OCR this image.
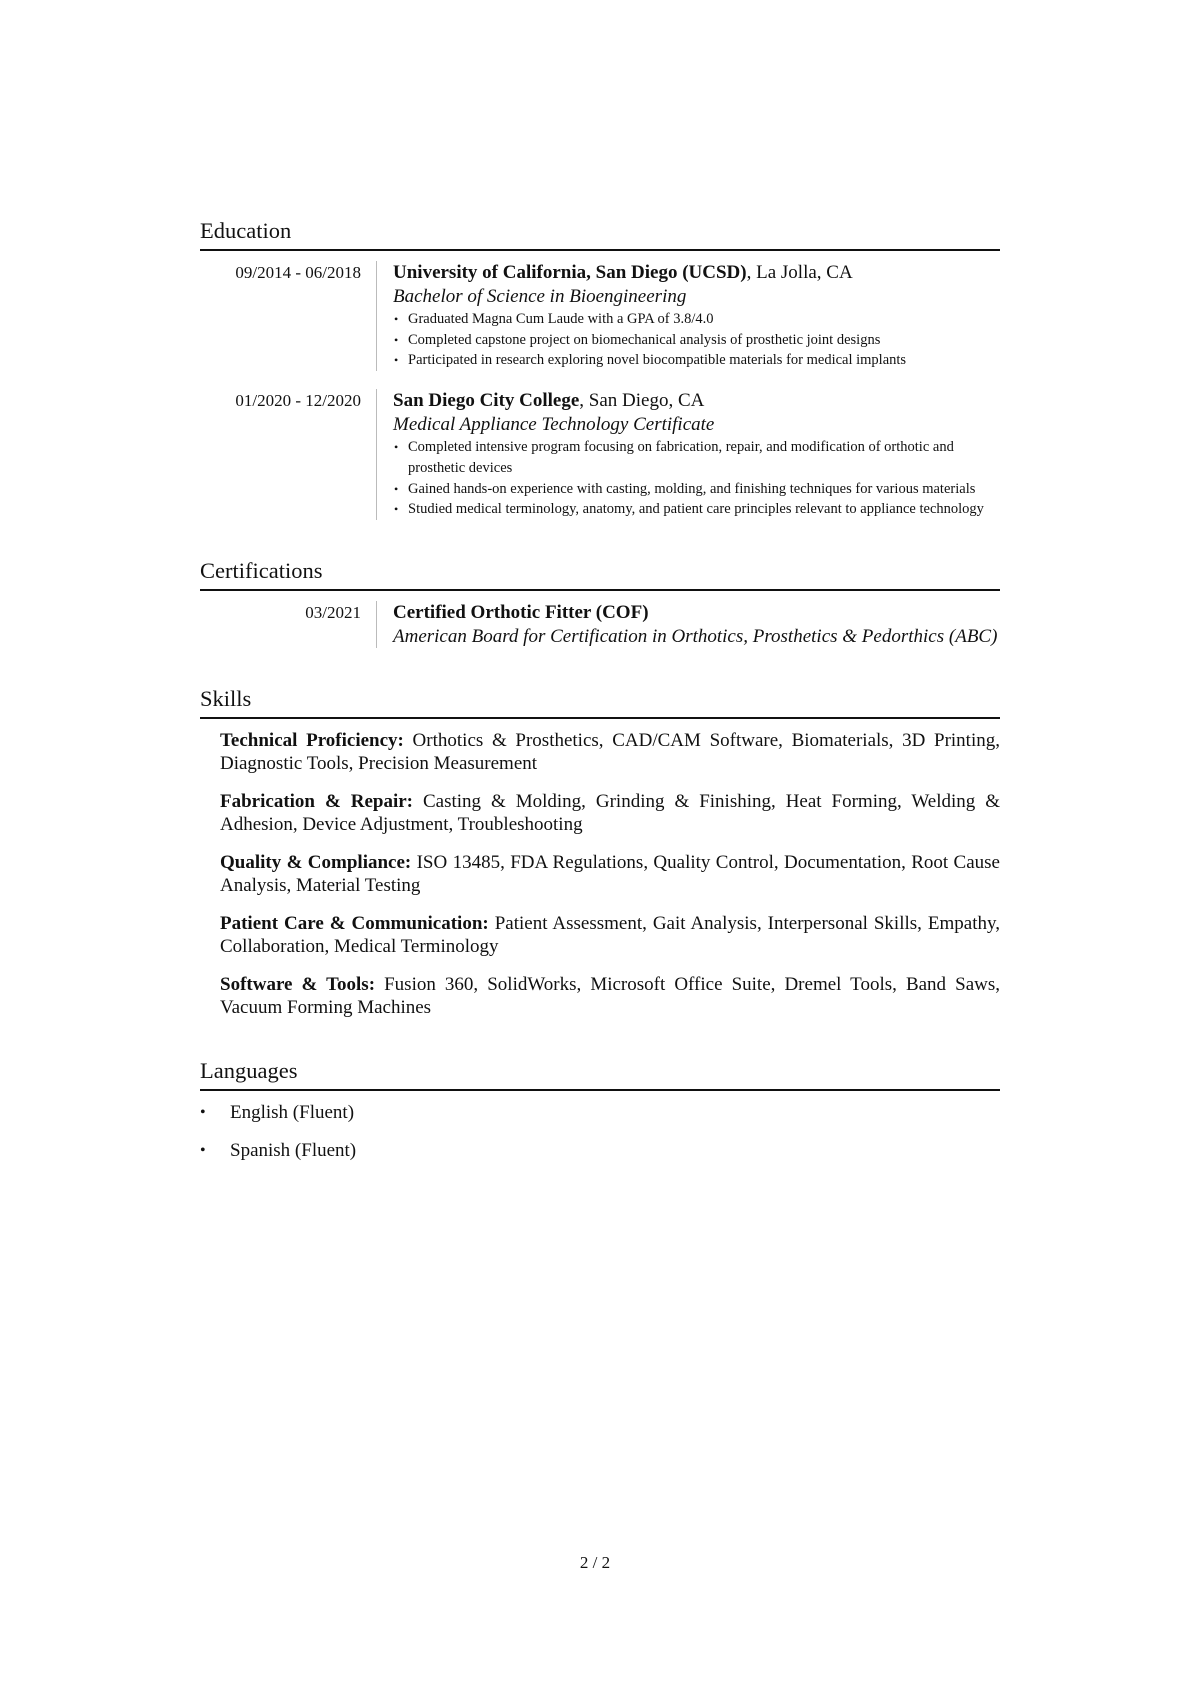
Education
09/2014 - 06/2018	University of California, San Diego (UCSD), La Jolla, CA
Bachelor of Science in Bioengineering
• Graduated Magna Cum Laude with a GPA of 3.8/4.0
• Completed capstone project on biomechanical analysis of prosthetic joint designs
• Participated in research exploring novel biocompatible materials for medical implants
01/2020 - 12/2020	San Diego City College, San Diego, CA
Medical Appliance Technology Certificate
• Completed intensive program focusing on fabrication, repair, and modification of orthotic and prosthetic devices
• Gained hands-on experience with casting, molding, and finishing techniques for various materials
• Studied medical terminology, anatomy, and patient care principles relevant to appliance technology
Certifications
03/2021	Certified Orthotic Fitter (COF)
American Board for Certification in Orthotics, Prosthetics & Pedorthics (ABC)
Skills
Technical Proficiency: Orthotics & Prosthetics, CAD/CAM Software, Biomaterials, 3D Printing, Diagnostic Tools, Precision Measurement
Fabrication & Repair: Casting & Molding, Grinding & Finishing, Heat Forming, Welding & Adhesion, Device Adjustment, Troubleshooting
Quality & Compliance: ISO 13485, FDA Regulations, Quality Control, Documentation, Root Cause Analysis, Material Testing
Patient Care & Communication: Patient Assessment, Gait Analysis, Interpersonal Skills, Empathy, Collaboration, Medical Terminology
Software & Tools: Fusion 360, SolidWorks, Microsoft Office Suite, Dremel Tools, Band Saws, Vacuum Forming Machines
Languages
• English (Fluent)
• Spanish (Fluent)
2 / 2
